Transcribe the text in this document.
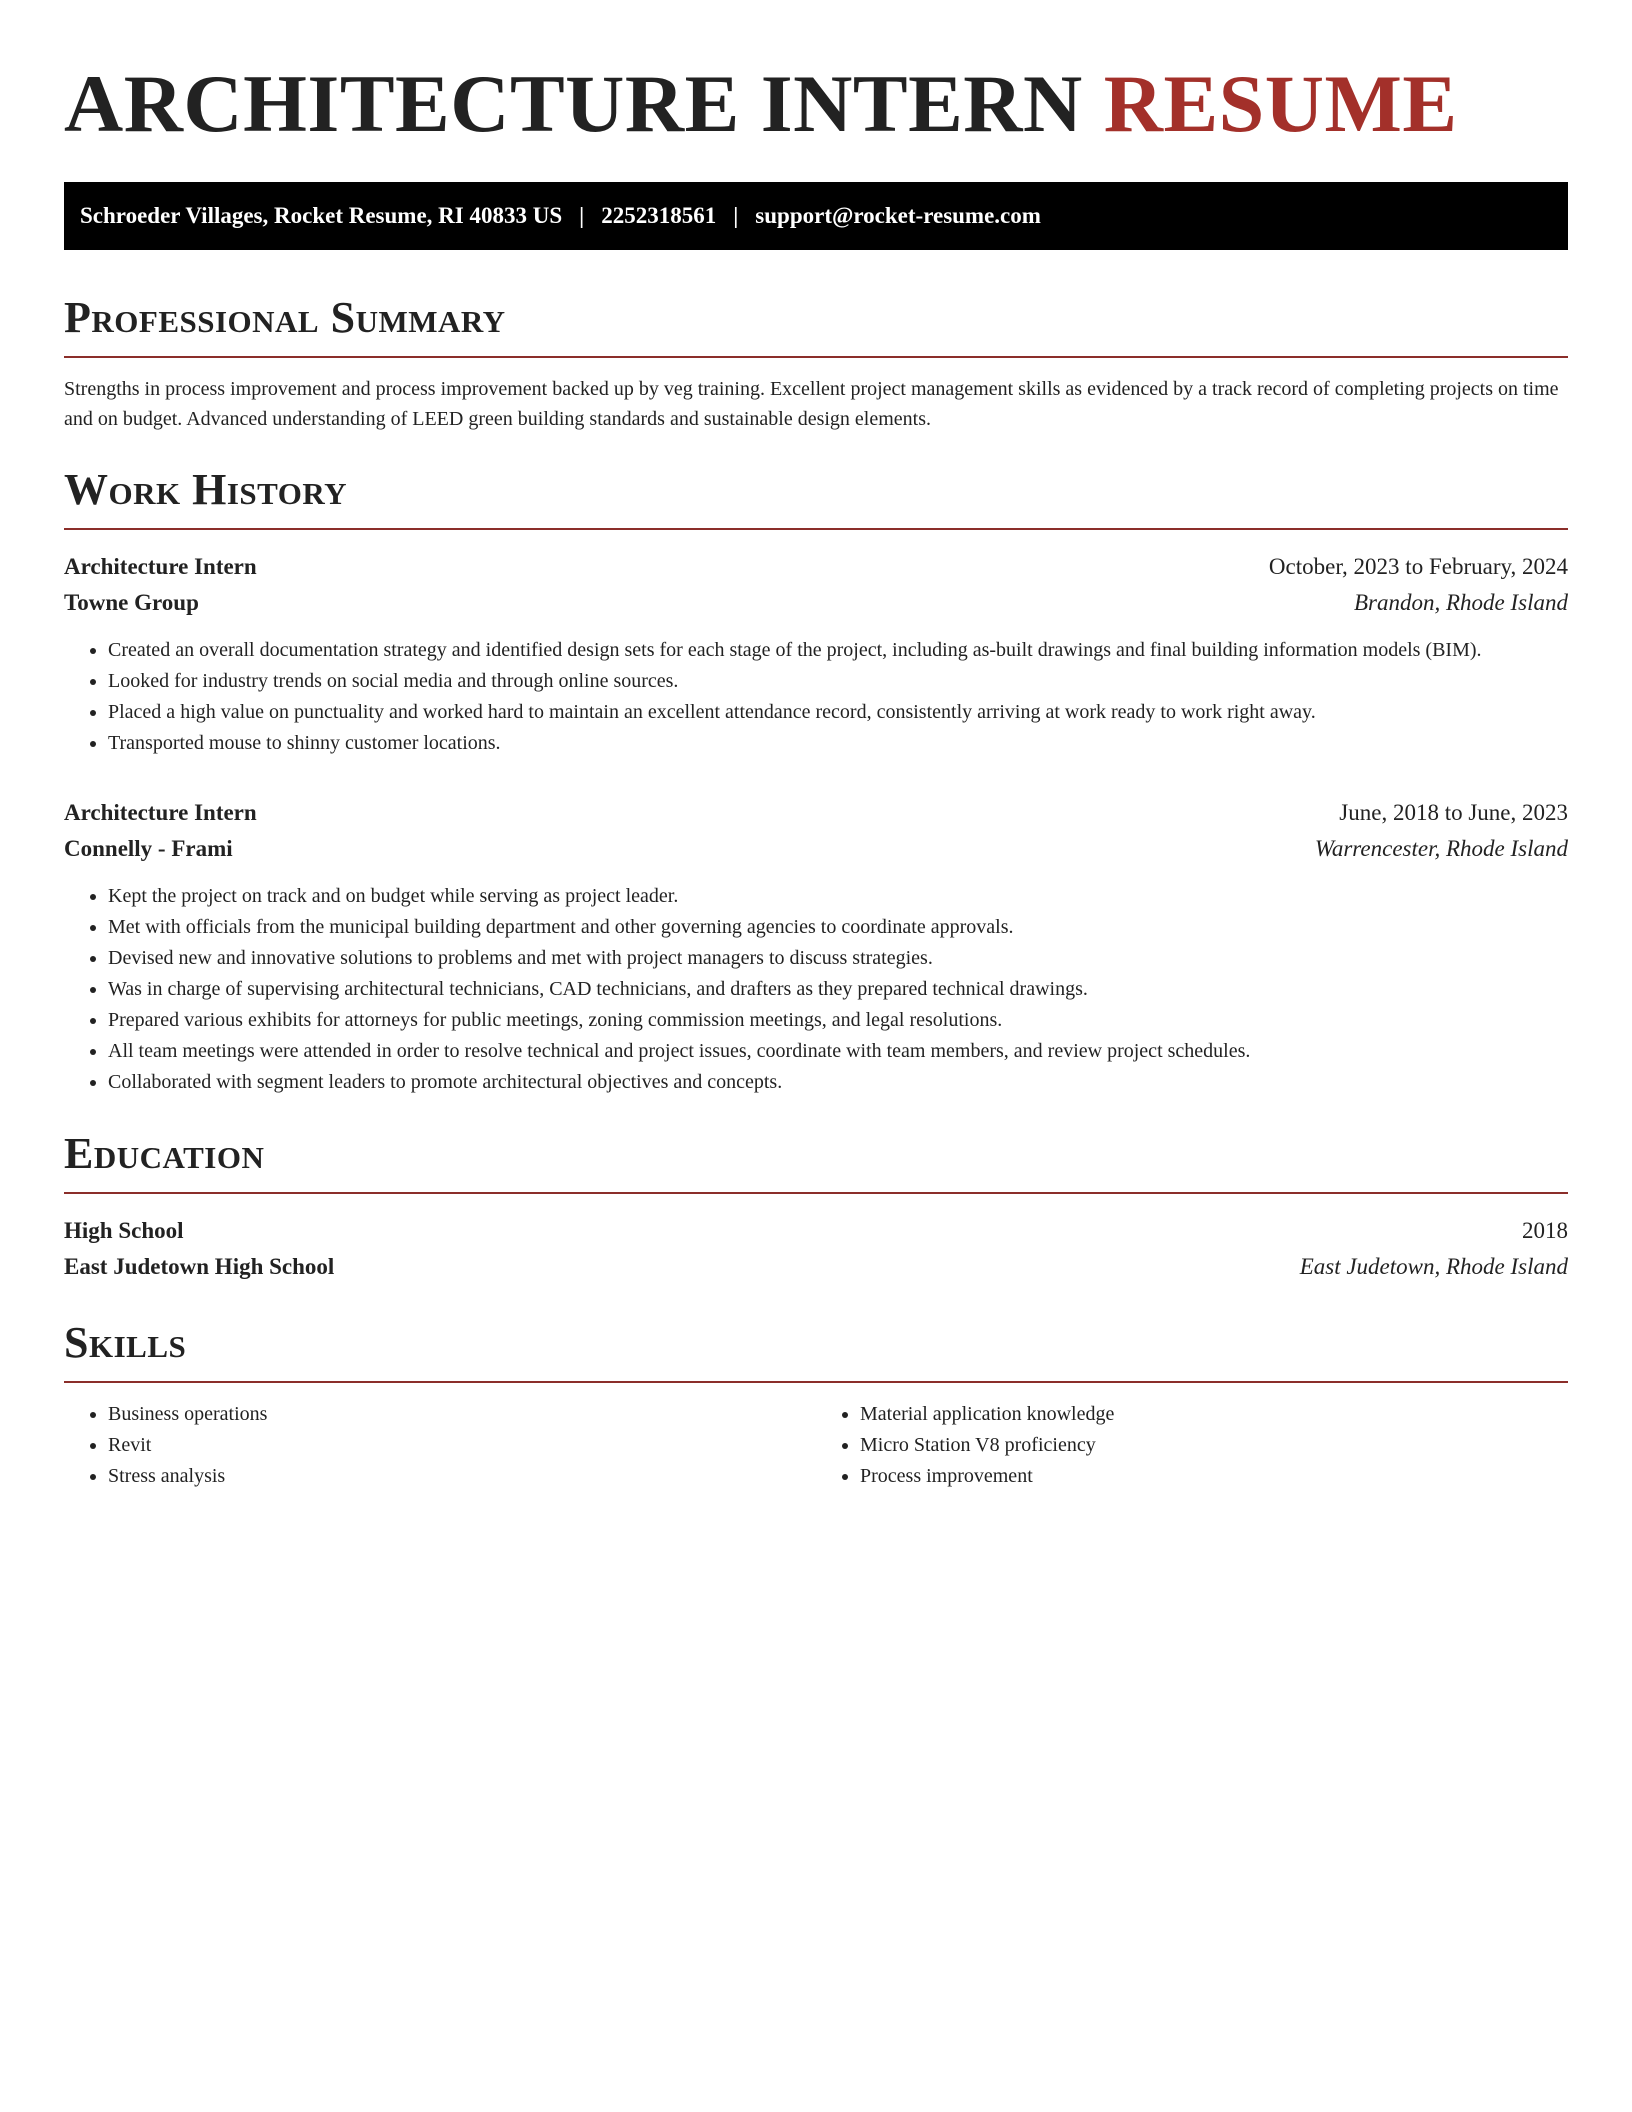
ARCHITECTURE INTERN RESUME
Schroeder Villages, Rocket Resume, RI 40833 US | 2252318561 | support@rocket-resume.com
Professional Summary

Strengths in process improvement and process improvement backed up by veg training. Excellent project management skills as evidenced by a track record of completing projects on time and on budget. Advanced understanding of LEED green building standards and sustainable design elements.

Work History
Architecture Intern	October, 2023 to February, 2024
Towne Group	Brandon, Rhode Island
• Created an overall documentation strategy and identified design sets for each stage of the project, including as-built drawings and final building information models (BIM).
• Looked for industry trends on social media and through online sources.
• Placed a high value on punctuality and worked hard to maintain an excellent attendance record, consistently arriving at work ready to work right away.
• Transported mouse to shinny customer locations.
Architecture Intern	June, 2018 to June, 2023
Connelly - Frami	Warrencester, Rhode Island
• Kept the project on track and on budget while serving as project leader.
• Met with officials from the municipal building department and other governing agencies to coordinate approvals.
• Devised new and innovative solutions to problems and met with project managers to discuss strategies.
• Was in charge of supervising architectural technicians, CAD technicians, and drafters as they prepared technical drawings.
• Prepared various exhibits for attorneys for public meetings, zoning commission meetings, and legal resolutions.
• All team meetings were attended in order to resolve technical and project issues, coordinate with team members, and review project schedules.
• Collaborated with segment leaders to promote architectural objectives and concepts.
Education
High School	2018
East Judetown High School	East Judetown, Rhode Island
Skills
• Business operations
• Revit
• Stress analysis
• Material application knowledge
• Micro Station V8 proficiency
• Process improvement
